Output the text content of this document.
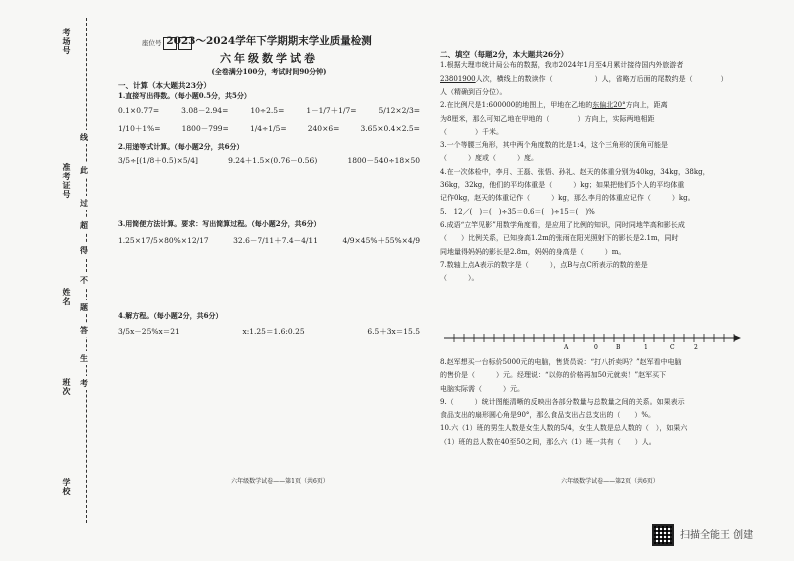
考场号
准考证号
姓名
班次
学校
线
此
过
超
得
不
题
答
生
考
座位号 2023～2024学年下学期期末学业质量检测
六年级数学试卷
(全卷满分100分，考试时间90分钟)
一、计算（本大题共23分）
1.直接写出得数。（每小题0.5分，共5分）
0.1×0.77=	3.08－2.94=	10÷2.5=	1－1/7＋1/7=	5/12×2/3=
1/10＋1%=	1800－799=	1/4÷1/5=	240×6=	3.65×0.4×2.5=
2.用递等式计算。（每小题2分，共6分）
3/5÷[(1/8＋0.5)×5/4]	9.24＋1.5×(0.76－0.56)	1800－540÷18×50
3.用简便方法计算。要求：写出简算过程。（每小题2分，共6分）
1.25×17/5×80%×12/17	32.6－7/11＋7.4－4/11	4/9×45%＋55%×4/9
4.解方程。（每小题2分，共6分）
3/5x－25%x＝21	x:1.25＝1.6:0.25	6.5＋3x＝15.5
六年级数学试卷——第1页（共6页）
二、填空（每题2分，本大题共26分）
1.根据大理市统计局公布的数据，我市2024年1月至4月累计接待国内外旅游者
23801900人次，横线上的数读作（　　　　　　）人，省略万后面的尾数约是（　　　　）
人（精确到百分位）。
2.在比例尺是1:600000的地图上，甲地在乙地的东偏北20°方向上，距离
为8厘米，那么可知乙地在甲地的（　　　　）方向上，实际两地相距
（　　　　）千米。
3.一个等腰三角形，其中两个角度数的比是1:4，这个三角形的顶角可能是
（　　　）度或（　　　）度。
4.在一次体检中，李月、王磊、张悟、孙礼、赵天的体重分别为40kg，34kg，38kg，
36kg，32kg，他们的平均体重是（　　　）kg；如果把他们5个人的平均体重
记作0kg，赵天的体重记作（　　　）kg，那么李月的体重应记作（　　　）kg。
5.　12／(　)＝(　)÷35＝0.6＝(　)÷15＝(　)%
6.成语“立竿见影”用数学角度看，是应用了比例的知识，同时同地竿高和影长成
（　　）比例关系，已知身高1.2m的张雨在阳光照射下的影长是2.1m，同时
同地量得妈妈的影长是2.8m，妈妈的身高是（　　　）m。
7.数轴上点A表示的数字是（　　　），点B与点C所表示的数的差是
（　　　）。
A	0	B	1	C	2
8.赵军想买一台标价5000元的电脑，售货员说：“打八折卖吗？”赵军看中电脑
的售价是（　　　）元。经理说：“以你的价格再加50元就卖！”赵军买下
电脑实际需（　　　）元。
9.（　　　）统计图能清晰的反映出各部分数量与总数量之间的关系。如果表示
食品支出的扇形圆心角是90°，那么食品支出占总支出的（　　）%。
10.六（1）班的男生人数是女生人数的5/4，女生人数是总人数的（　），如果六
（1）班的总人数在40至50之间，那么六（1）班一共有（　　）人。
六年级数学试卷——第2页（共6页）
扫描全能王 创建
